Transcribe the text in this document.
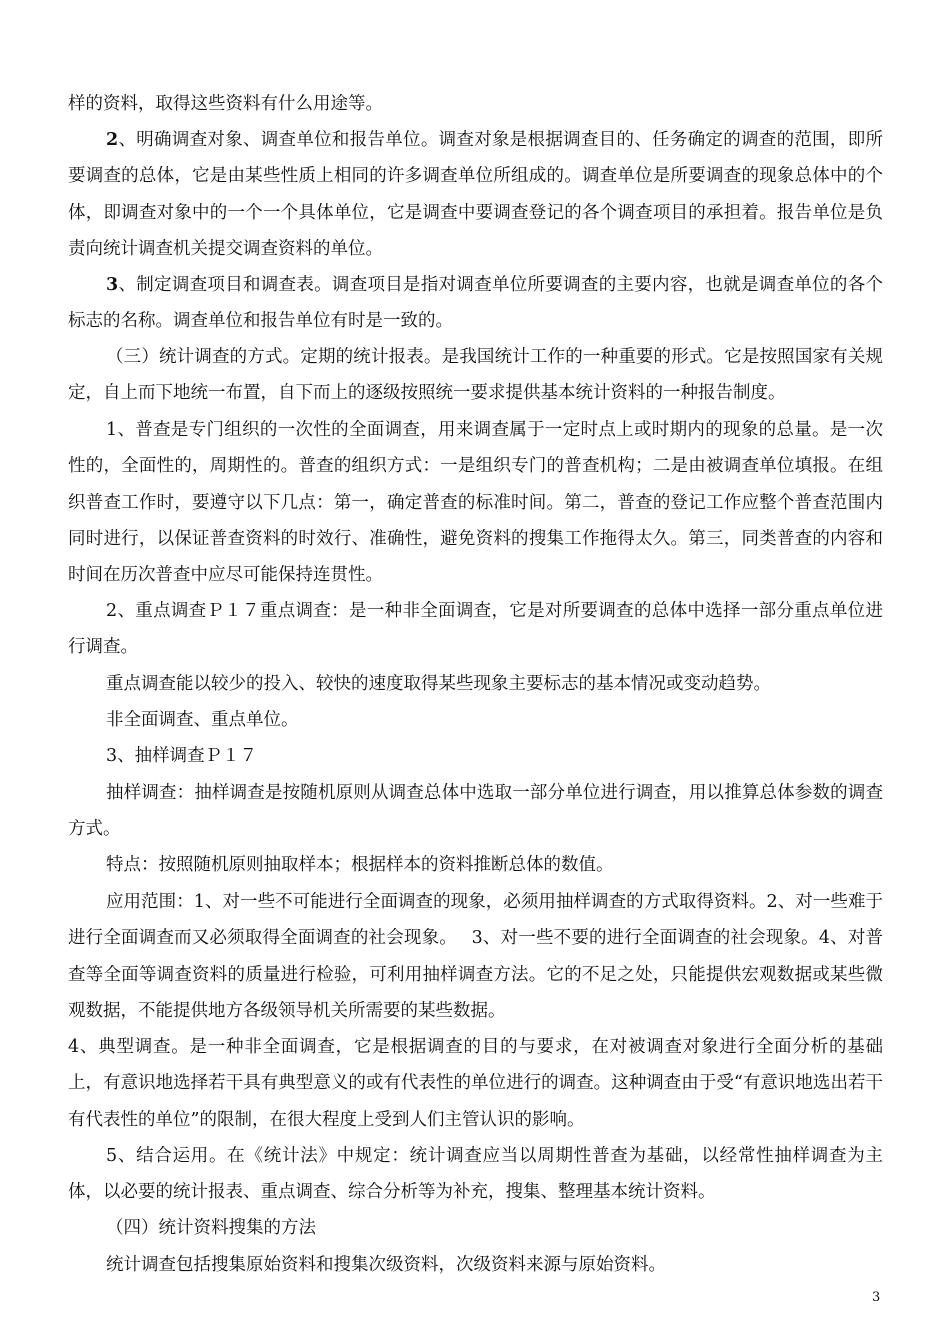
样的资料，取得这些资料有什么用途等。

2、明确调查对象、调查单位和报告单位。调查对象是根据调查目的、任务确定的调查的范围，即所要调查的总体，它是由某些性质上相同的许多调查单位所组成的。调查单位是所要调查的现象总体中的个体，即调查对象中的一个一个具体单位，它是调查中要调查登记的各个调查项目的承担着。报告单位是负责向统计调查机关提交调查资料的单位。

3、制定调查项目和调查表。调查项目是指对调查单位所要调查的主要内容，也就是调查单位的各个标志的名称。调查单位和报告单位有时是一致的。

（三）统计调查的方式。定期的统计报表。是我国统计工作的一种重要的形式。它是按照国家有关规定，自上而下地统一布置，自下而上的逐级按照统一要求提供基本统计资料的一种报告制度。

1、普查是专门组织的一次性的全面调查，用来调查属于一定时点上或时期内的现象的总量。是一次性的，全面性的，周期性的。普查的组织方式：一是组织专门的普查机构；二是由被调查单位填报。在组织普查工作时，要遵守以下几点：第一，确定普查的标准时间。第二，普查的登记工作应整个普查范围内同时进行，以保证普查资料的时效行、准确性，避免资料的搜集工作拖得太久。第三，同类普查的内容和时间在历次普查中应尽可能保持连贯性。

2、重点调查Ｐ１７重点调查：是一种非全面调查，它是对所要调查的总体中选择一部分重点单位进行调查。

重点调查能以较少的投入、较快的速度取得某些现象主要标志的基本情况或变动趋势。

非全面调查、重点单位。

3、抽样调查Ｐ１７

抽样调查：抽样调查是按随机原则从调查总体中选取一部分单位进行调查，用以推算总体参数的调查方式。

特点：按照随机原则抽取样本；根据样本的资料推断总体的数值。

应用范围：1、对一些不可能进行全面调查的现象，必须用抽样调查的方式取得资料。2、对一些难于进行全面调查而又必须取得全面调查的社会现象。　 3、对一些不要的进行全面调查的社会现象。4、对普查等全面等调查资料的质量进行检验，可利用抽样调查方法。它的不足之处，只能提供宏观数据或某些微观数据，不能提供地方各级领导机关所需要的某些数据。

4、典型调查。是一种非全面调查，它是根据调查的目的与要求，在对被调查对象进行全面分析的基础上，有意识地选择若干具有典型意义的或有代表性的单位进行的调查。这种调查由于受“有意识地选出若干有代表性的单位”的限制，在很大程度上受到人们主管认识的影响。

5、结合运用。在《统计法》中规定：统计调查应当以周期性普查为基础，以经常性抽样调查为主体，以必要的统计报表、重点调查、综合分析等为补充，搜集、整理基本统计资料。

（四）统计资料搜集的方法

统计调查包括搜集原始资料和搜集次级资料，次级资料来源与原始资料。

3
